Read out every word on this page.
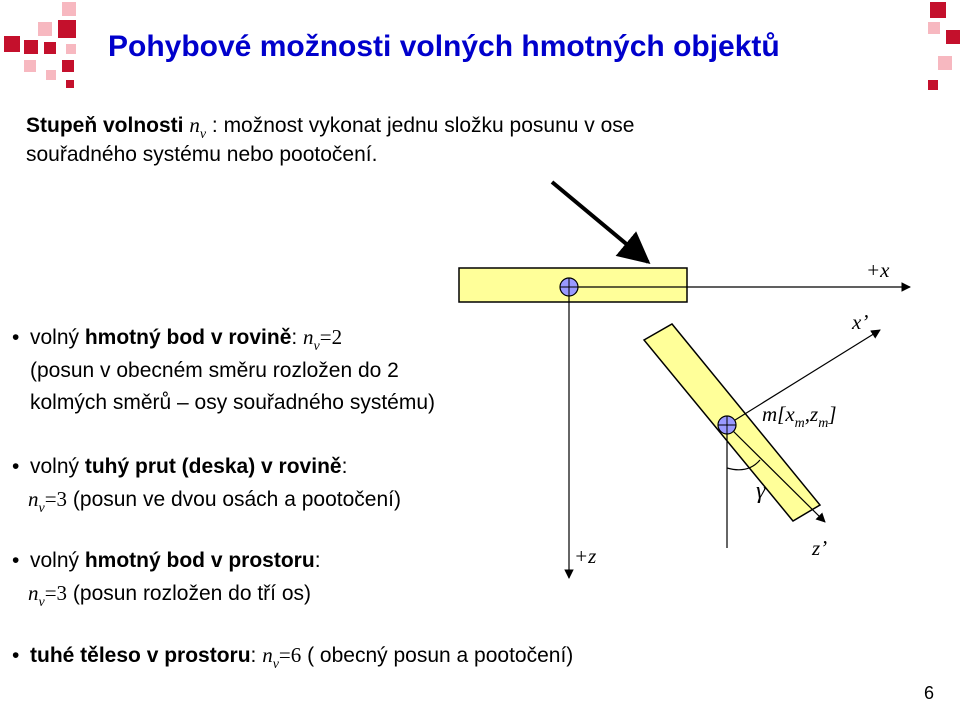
Pohybové možnosti volných hmotných objektů
Stupeň volnosti $n_v$ : možnost vykonat jednu složku posunu v ose
souřadného systému nebo pootočení.
• volný hmotný bod v rovině: $n_v=2$
(posun v obecném směru rozložen do 2
kolmých směrů – osy souřadného systému)
• volný tuhý prut (deska) v rovině:
$n_v=3$ (posun ve dvou osách a pootočení)
• volný hmotný bod v prostoru:
$n_v=3$ (posun rozložen do tří os)
• tuhé těleso v prostoru: $n_v=6$ ( obecný posun a pootočení)
+x
x’
+z	z’
γ
$m[x_m,z_m]$
6
